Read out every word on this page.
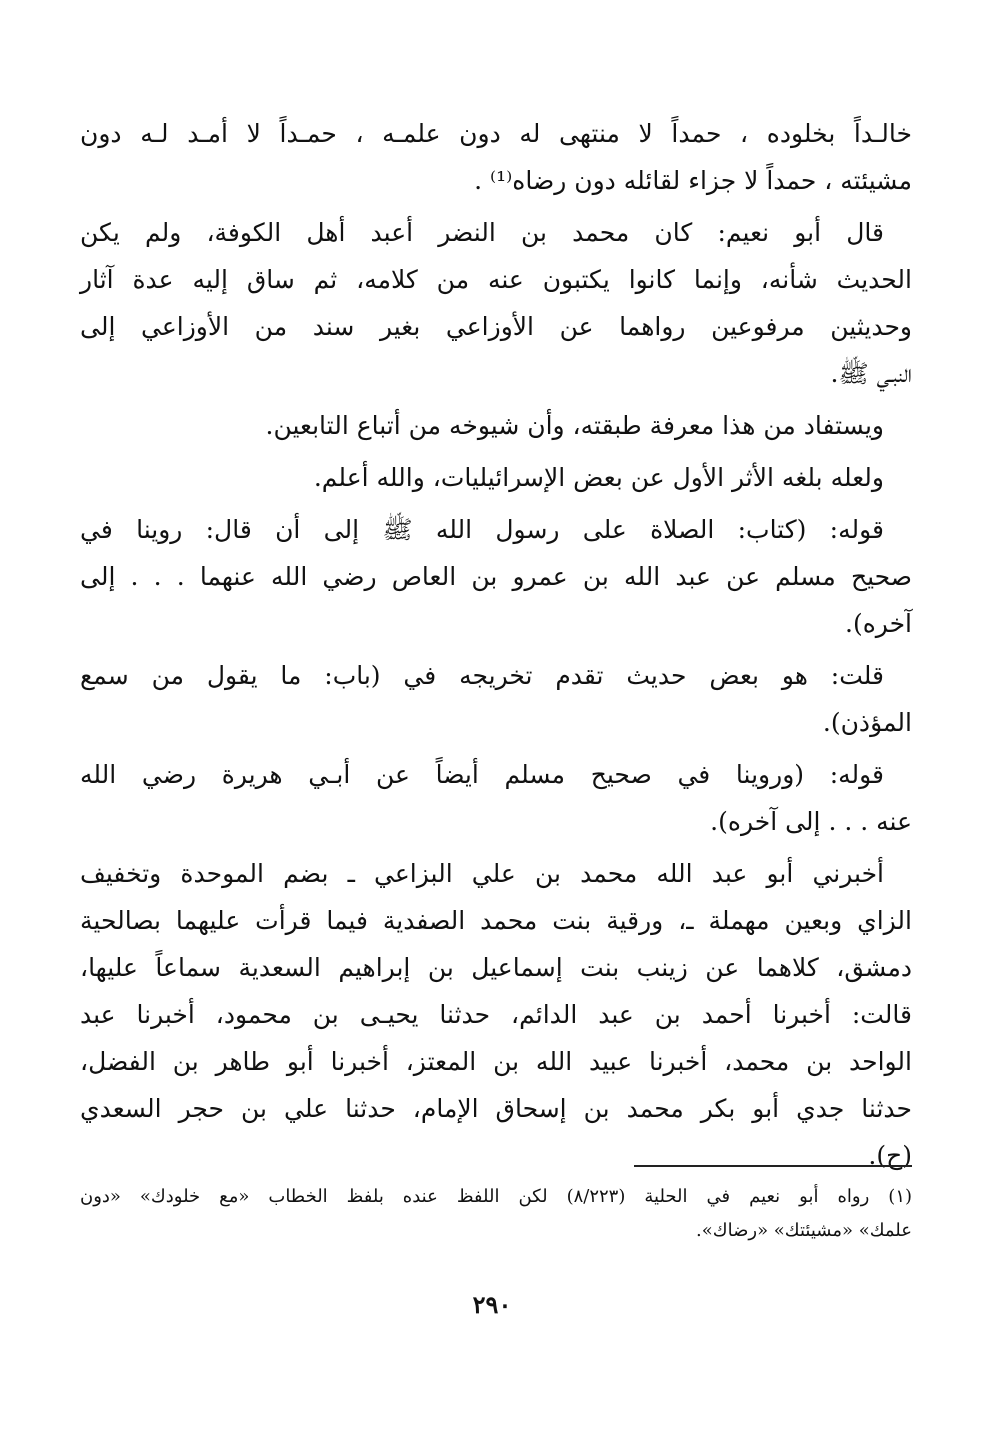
خالـداً بخلوده ، حمداً لا منتهى له دون علمـه ، حمـداً لا أمـد لـه دون
مشيئته ، حمداً لا جزاء لقائله دون رضاه⁽¹⁾ .
قال أبو نعيم: كان محمد بن النضر أعبد أهل الكوفة، ولم يكن
الحديث شأنه، وإنما كانوا يكتبون عنه من كلامه، ثم ساق إليه عدة آثار
وحديثين مرفوعين رواهما عن الأوزاعي بغير سند من الأوزاعي إلى
النبـي ﷺ.
ويستفاد من هذا معرفة طبقته، وأن شيوخه من أتباع التابعين.
ولعله بلغه الأثر الأول عن بعض الإسرائيليات، والله أعلم.
قوله: (كتاب: الصلاة على رسول الله ﷺ إلى أن قال: روينا في
صحيح مسلم عن عبد الله بن عمرو بن العاص رضي الله عنهما . . . إلى
آخره).
قلت: هو بعض حديث تقدم تخريجه في (باب: ما يقول من سمع
المؤذن).
قوله: (وروينا في صحيح مسلم أيضاً عن أبـي هريرة رضي الله
عنه . . . إلى آخره).
أخبرني أبو عبد الله محمد بن علي البزاعي ـ بضم الموحدة وتخفيف
الزاي وبعين مهملة ـ، ورقية بنت محمد الصفدية فيما قرأت عليهما بصالحية
دمشق، كلاهما عن زينب بنت إسماعيل بن إبراهيم السعدية سماعاً عليها،
قالت: أخبرنا أحمد بن عبد الدائم، حدثنا يحيـى بن محمود، أخبرنا عبد
الواحد بن محمد، أخبرنا عبيد الله بن المعتز، أخبرنا أبو طاهر بن الفضل،
حدثنا جدي أبو بكر محمد بن إسحاق الإمام، حدثنا علي بن حجر السعدي
(ح).
(١) رواه أبو نعيم في الحلية (٨/٢٢٣) لكن اللفظ عنده بلفظ الخطاب «مع خلودك» «دون
علمك» «مشيئتك» «رضاك».
٢٩٠
